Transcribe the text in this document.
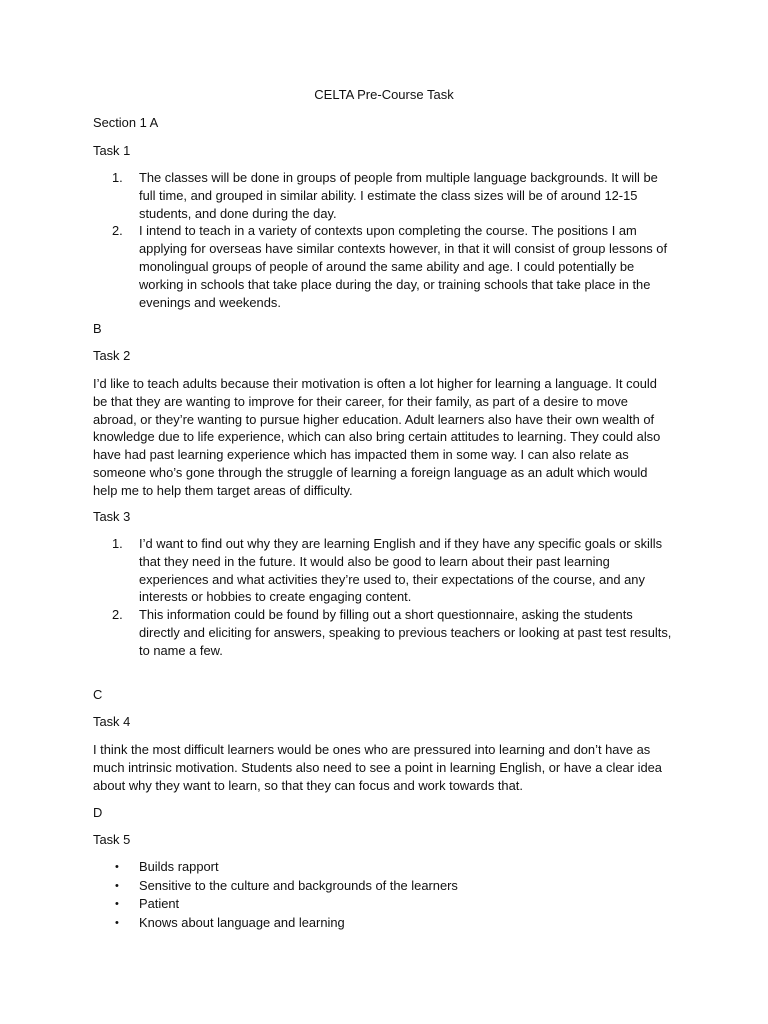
CELTA Pre-Course Task
Section 1 A
Task 1
1.	The classes will be done in groups of people from multiple language backgrounds. It will be full time, and grouped in similar ability. I estimate the class sizes will be of around 12-15 students, and done during the day.
2.	I intend to teach in a variety of contexts upon completing the course. The positions I am applying for overseas have similar contexts however, in that it will consist of group lessons of monolingual groups of people of around the same ability and age. I could potentially be working in schools that take place during the day, or training schools that take place in the evenings and weekends.
B
Task 2
I’d like to teach adults because their motivation is often a lot higher for learning a language. It could be that they are wanting to improve for their career, for their family, as part of a desire to move abroad, or they’re wanting to pursue higher education. Adult learners also have their own wealth of knowledge due to life experience, which can also bring certain attitudes to learning. They could also have had past learning experience which has impacted them in some way. I can also relate as someone who’s gone through the struggle of learning a foreign language as an adult which would help me to help them target areas of difficulty.
Task 3
1.	I’d want to find out why they are learning English and if they have any specific goals or skills that they need in the future. It would also be good to learn about their past learning experiences and what activities they’re used to, their expectations of the course, and any interests or hobbies to create engaging content.
2.	This information could be found by filling out a short questionnaire, asking the students directly and eliciting for answers, speaking to previous teachers or looking at past test results, to name a few.
C
Task 4
I think the most difficult learners would be ones who are pressured into learning and don’t have as much intrinsic motivation. Students also need to see a point in learning English, or have a clear idea about why they want to learn, so that they can focus and work towards that.
D
Task 5
•	Builds rapport
•	Sensitive to the culture and backgrounds of the learners
•	Patient
•	Knows about language and learning
